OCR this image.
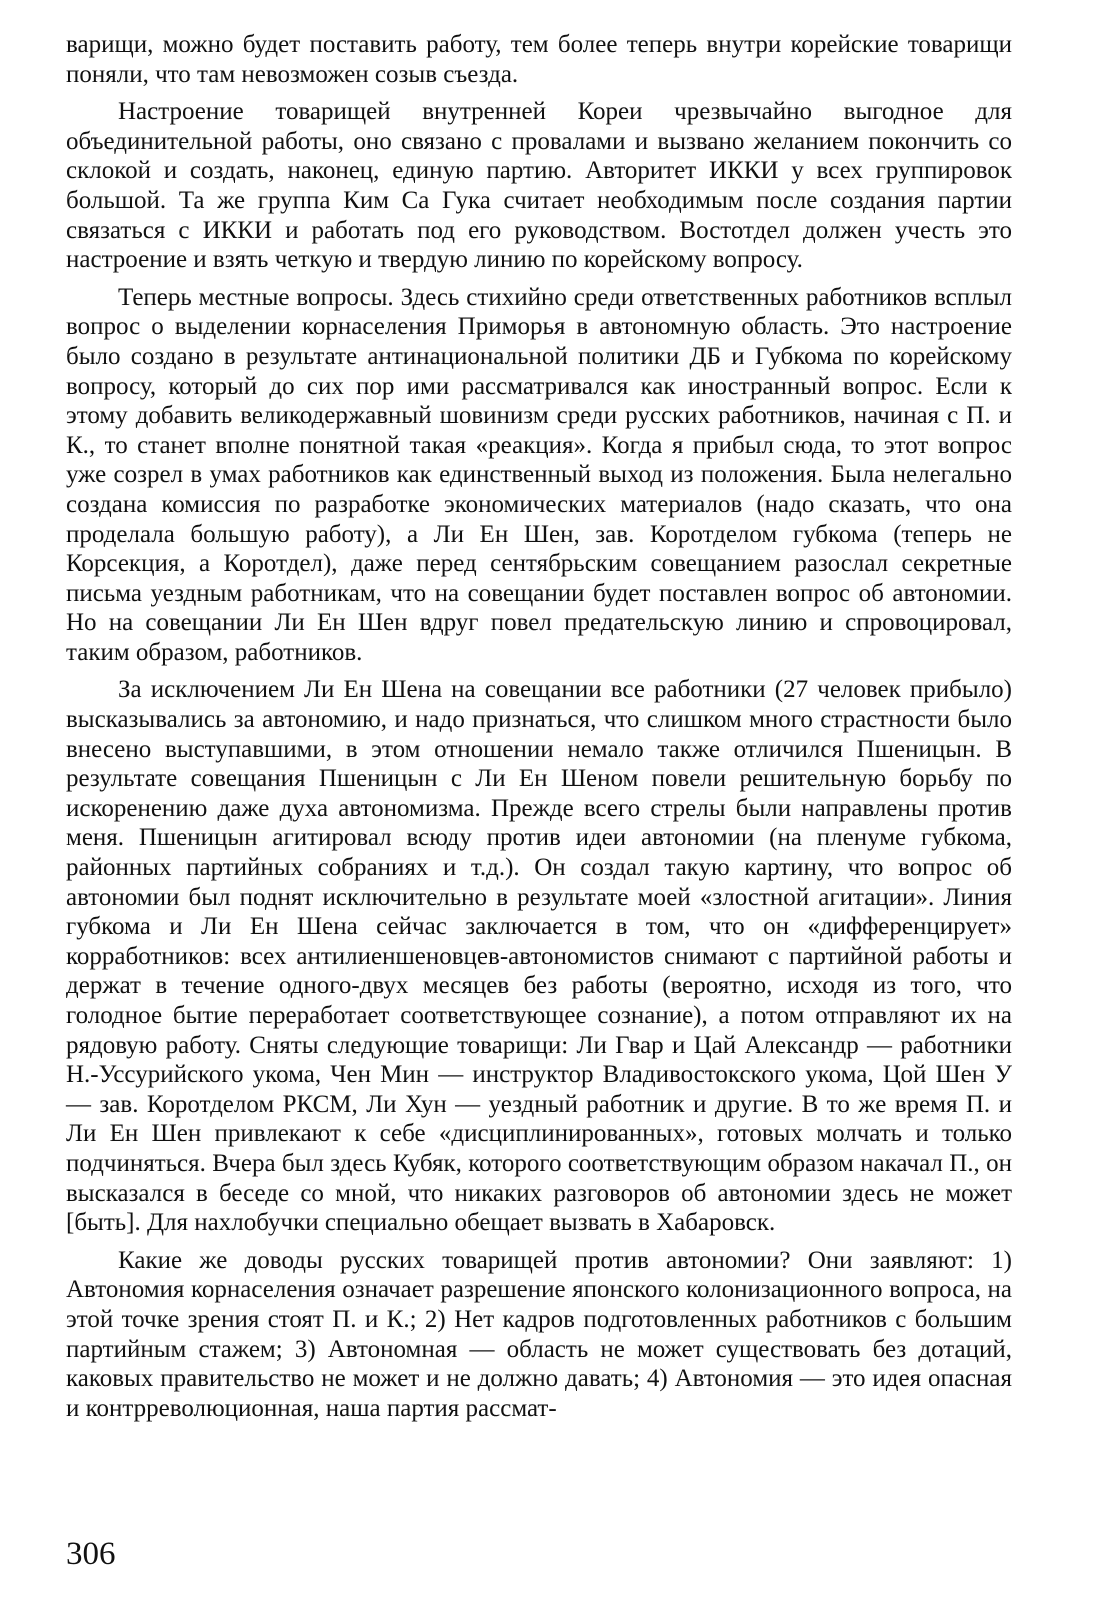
варищи, можно будет поставить работу, тем более теперь внутри корейские товарищи поняли, что там невозможен созыв съезда.

Настроение товарищей внутренней Кореи чрезвычайно выгодное для объединительной работы, оно связано с провалами и вызвано желанием покончить со склокой и создать, наконец, единую партию. Авторитет ИККИ у всех группировок большой. Та же группа Ким Са Гука считает необходимым после создания партии связаться с ИККИ и работать под его руководством. Востотдел должен учесть это настроение и взять четкую и твердую линию по корейскому вопросу.

Теперь местные вопросы. Здесь стихийно среди ответственных работников всплыл вопрос о выделении корнаселения Приморья в автономную область. Это настроение было создано в результате антинациональной политики ДБ и Губкома по корейскому вопросу, который до сих пор ими рассматривался как иностранный вопрос. Если к этому добавить великодержавный шовинизм среди русских работников, начиная с П. и К., то станет вполне понятной такая «реакция». Когда я прибыл сюда, то этот вопрос уже созрел в умах работников как единственный выход из положения. Была нелегально создана комиссия по разработке экономических материалов (надо сказать, что она проделала большую работу), а Ли Ен Шен, зав. Коротделом губкома (теперь не Корсекция, а Коротдел), даже перед сентябрьским совещанием разослал секретные письма уездным работникам, что на совещании будет поставлен вопрос об автономии. Но на совещании Ли Ен Шен вдруг повел предательскую линию и спровоцировал, таким образом, работников.

За исключением Ли Ен Шена на совещании все работники (27 человек прибыло) высказывались за автономию, и надо признаться, что слишком много страстности было внесено выступавшими, в этом отношении немало также отличился Пшеницын. В результате совещания Пшеницын с Ли Ен Шеном повели решительную борьбу по искоренению даже духа автономизма. Прежде всего стрелы были направлены против меня. Пшеницын агитировал всюду против идеи автономии (на пленуме губкома, районных партийных собраниях и т.д.). Он создал такую картину, что вопрос об автономии был поднят исключительно в результате моей «злостной агитации». Линия губкома и Ли Ен Шена сейчас заключается в том, что он «дифференцирует» корработников: всех антилиеншеновцев-автономистов снимают с партийной работы и держат в течение одного-двух месяцев без работы (вероятно, исходя из того, что голодное бытие переработает соответствующее сознание), а потом отправляют их на рядовую работу. Сняты следующие товарищи: Ли Гвар и Цай Александр — работники Н.-Уссурийского укома, Чен Мин — инструктор Владивостокского укома, Цой Шен У — зав. Коротделом РКСМ, Ли Хун — уездный работник и другие. В то же время П. и Ли Ен Шен привлекают к себе «дисциплинированных», готовых молчать и только подчиняться. Вчера был здесь Кубяк, которого соответствующим образом накачал П., он высказался в беседе со мной, что никаких разговоров об автономии здесь не может [быть]. Для нахлобучки специально обещает вызвать в Хабаровск.

Какие же доводы русских товарищей против автономии? Они заявляют: 1) Автономия корнаселения означает разрешение японского колонизационного вопроса, на этой точке зрения стоят П. и К.; 2) Нет кадров подготовленных работников с большим партийным стажем; 3) Автономная — область не может существовать без дотаций, каковых правительство не может и не должно давать; 4) Автономия — это идея опасная и контрреволюционная, наша партия рассмат-

306
